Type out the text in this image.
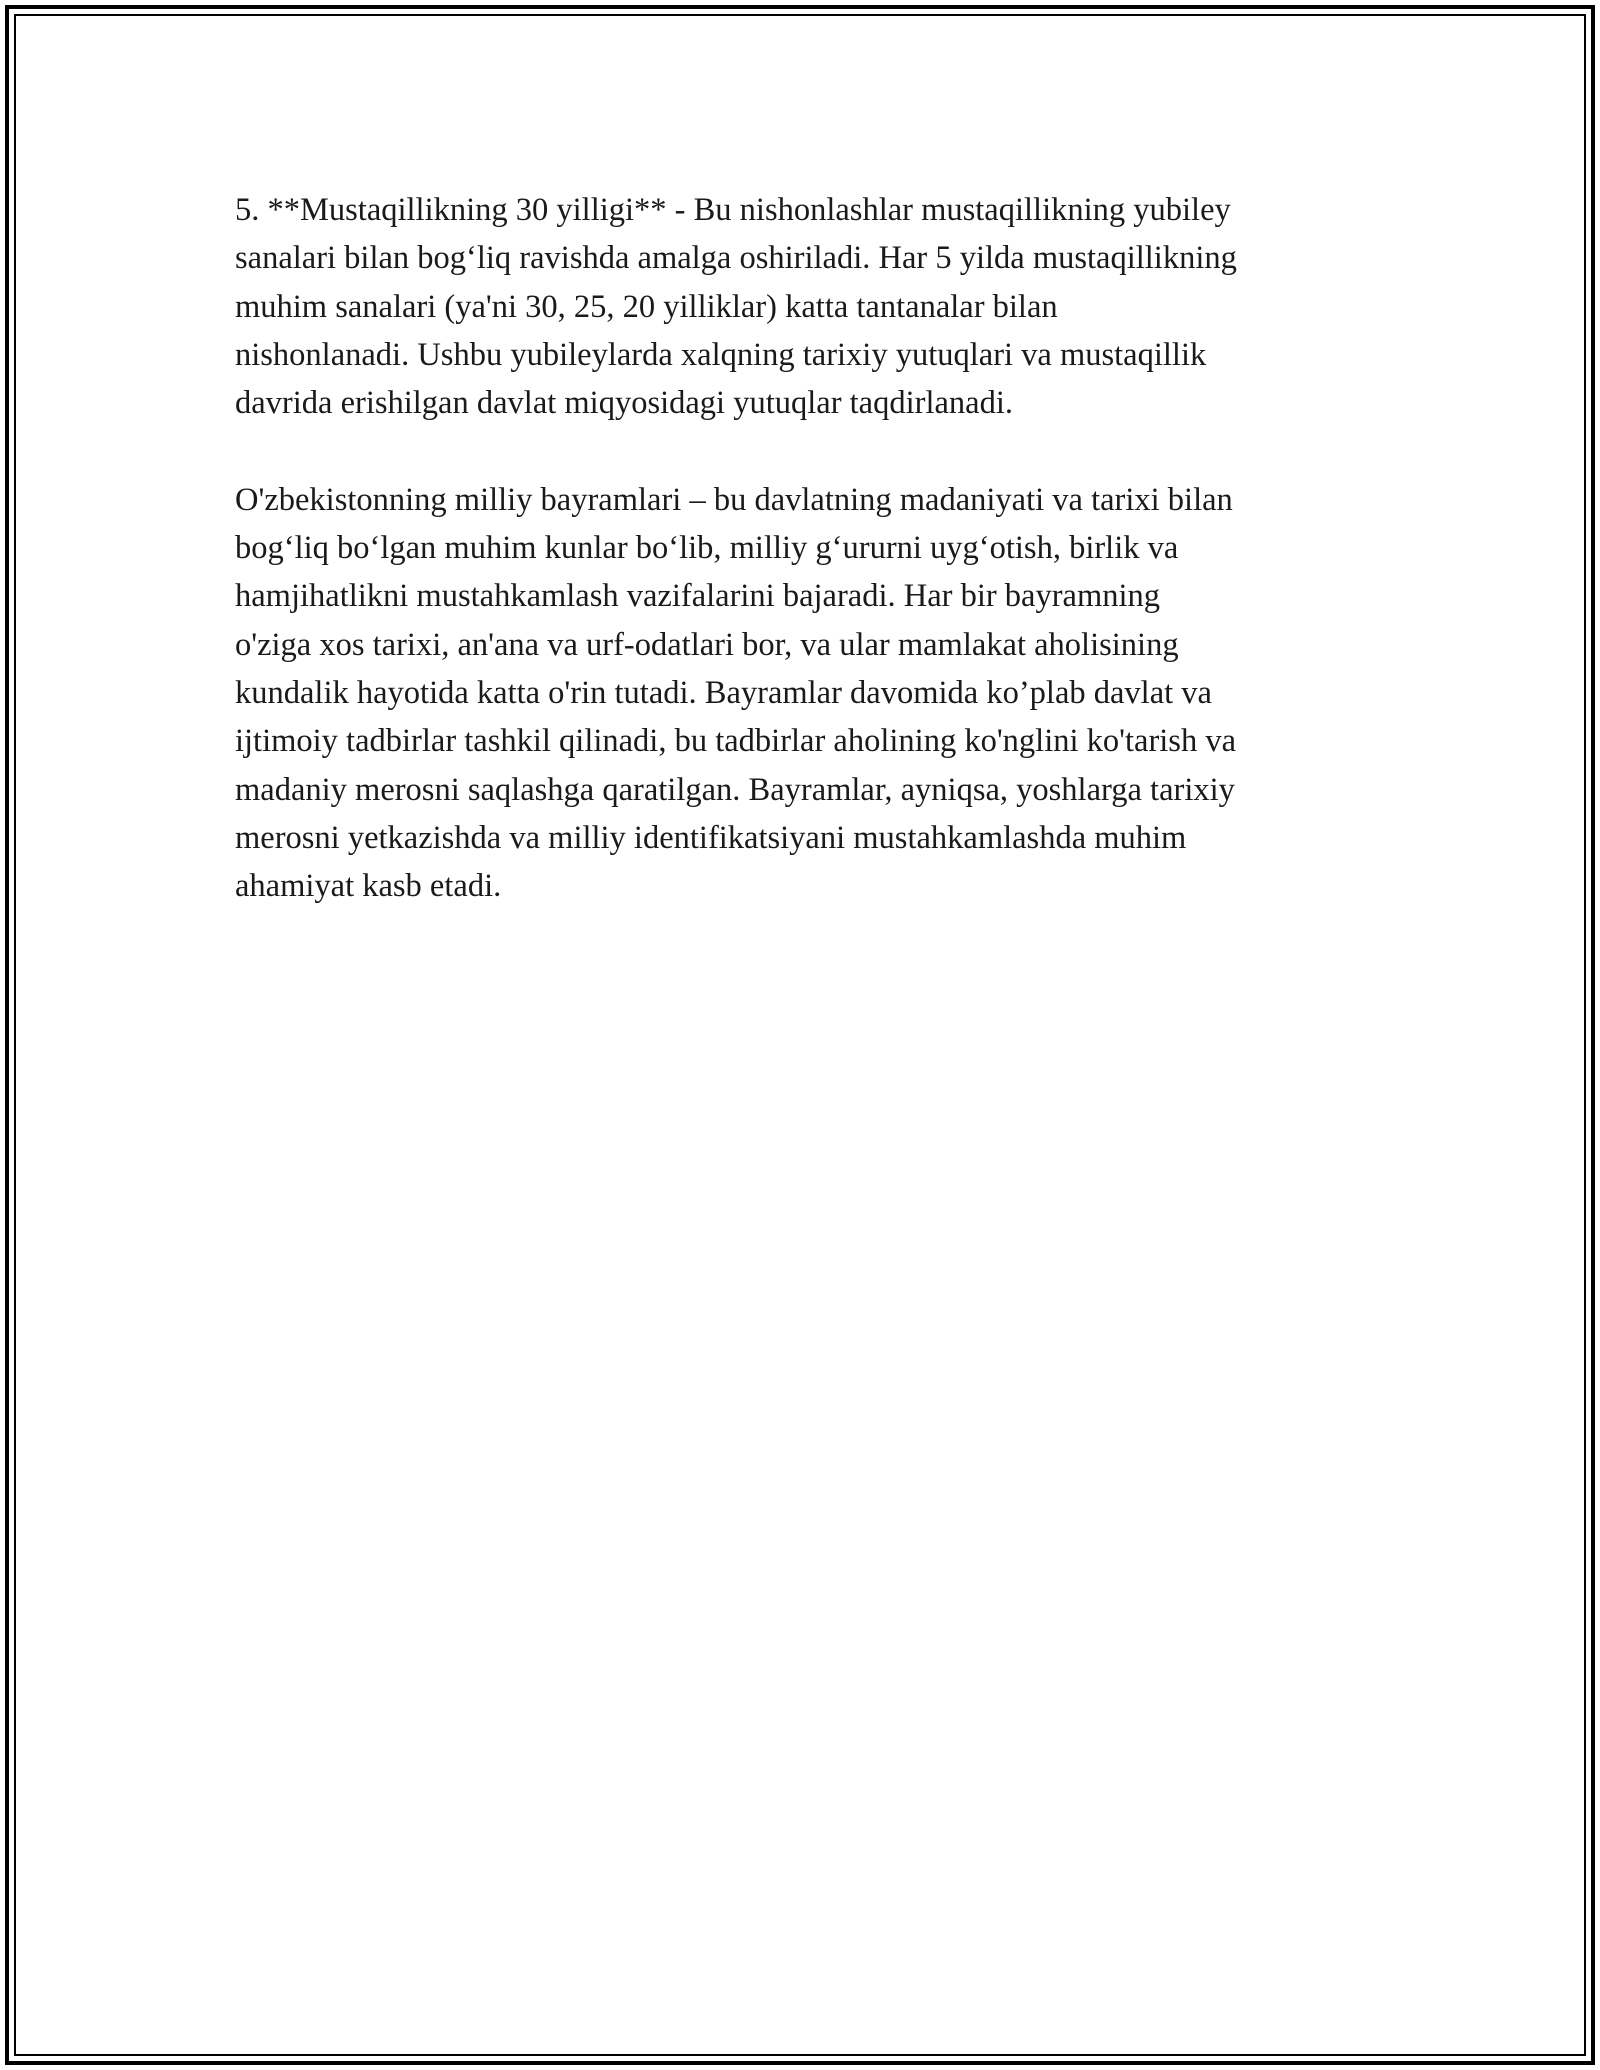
5. **Mustaqillikning 30 yilligi** - Bu nishonlashlar mustaqillikning yubiley
sanalari bilan bog‘liq ravishda amalga oshiriladi. Har 5 yilda mustaqillikning
muhim sanalari (ya'ni 30, 25, 20 yilliklar) katta tantanalar bilan
nishonlanadi. Ushbu yubileylarda xalqning tarixiy yutuqlari va mustaqillik
davrida erishilgan davlat miqyosidagi yutuqlar taqdirlanadi.

O'zbekistonning milliy bayramlari – bu davlatning madaniyati va tarixi bilan
bog‘liq bo‘lgan muhim kunlar bo‘lib, milliy g‘ururni uyg‘otish, birlik va
hamjihatlikni mustahkamlash vazifalarini bajaradi. Har bir bayramning
o'ziga xos tarixi, an'ana va urf-odatlari bor, va ular mamlakat aholisining
kundalik hayotida katta o'rin tutadi. Bayramlar davomida ko’plab davlat va
ijtimoiy tadbirlar tashkil qilinadi, bu tadbirlar aholining ko'nglini ko'tarish va
madaniy merosni saqlashga qaratilgan. Bayramlar, ayniqsa, yoshlarga tarixiy
merosni yetkazishda va milliy identifikatsiyani mustahkamlashda muhim
ahamiyat kasb etadi.
